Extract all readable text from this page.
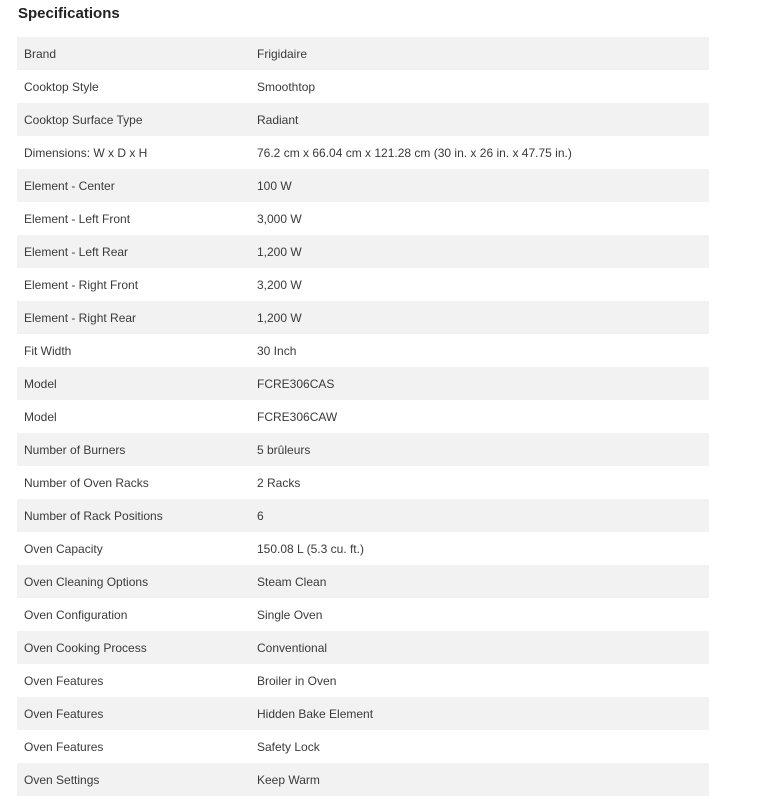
Specifications
Brand	Frigidaire
Cooktop Style	Smoothtop
Cooktop Surface Type	Radiant
Dimensions: W x D x H	76.2 cm x 66.04 cm x 121.28 cm (30 in. x 26 in. x 47.75 in.)
Element - Center	100 W
Element - Left Front	3,000 W
Element - Left Rear	1,200 W
Element - Right Front	3,200 W
Element - Right Rear	1,200 W
Fit Width	30 Inch
Model	FCRE306CAS
Model	FCRE306CAW
Number of Burners	5 brûleurs
Number of Oven Racks	2 Racks
Number of Rack Positions	6
Oven Capacity	150.08 L (5.3 cu. ft.)
Oven Cleaning Options	Steam Clean
Oven Configuration	Single Oven
Oven Cooking Process	Conventional
Oven Features	Broiler in Oven
Oven Features	Hidden Bake Element
Oven Features	Safety Lock
Oven Settings	Keep Warm
